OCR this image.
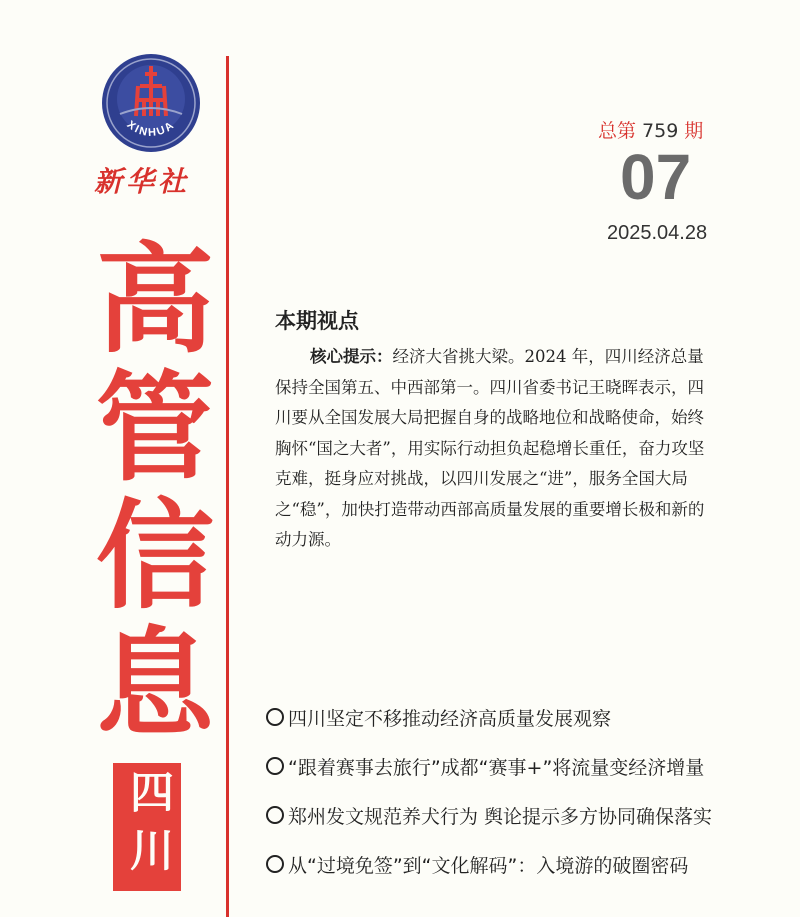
XINHUA
新华社
高
管
信
息
四川
总第 759 期
07
2025.04.28
本期视点

核心提示：经济大省挑大梁。2024 年，四川经济总量保持全国第五、中西部第一。四川省委书记王晓晖表示，四川要从全国发展大局把握自身的战略地位和战略使命，始终胸怀“国之大者”，用实际行动担负起稳增长重任，奋力攻坚克难，挺身应对挑战，以四川发展之“进”，服务全国大局之“稳”，加快打造带动西部高质量发展的重要增长极和新的动力源。

四川坚定不移推动经济高质量发展观察
“跟着赛事去旅行”成都“赛事+”将流量变经济增量
郑州发文规范养犬行为 舆论提示多方协同确保落实
从“过境免签”到“文化解码”：入境游的破圈密码
